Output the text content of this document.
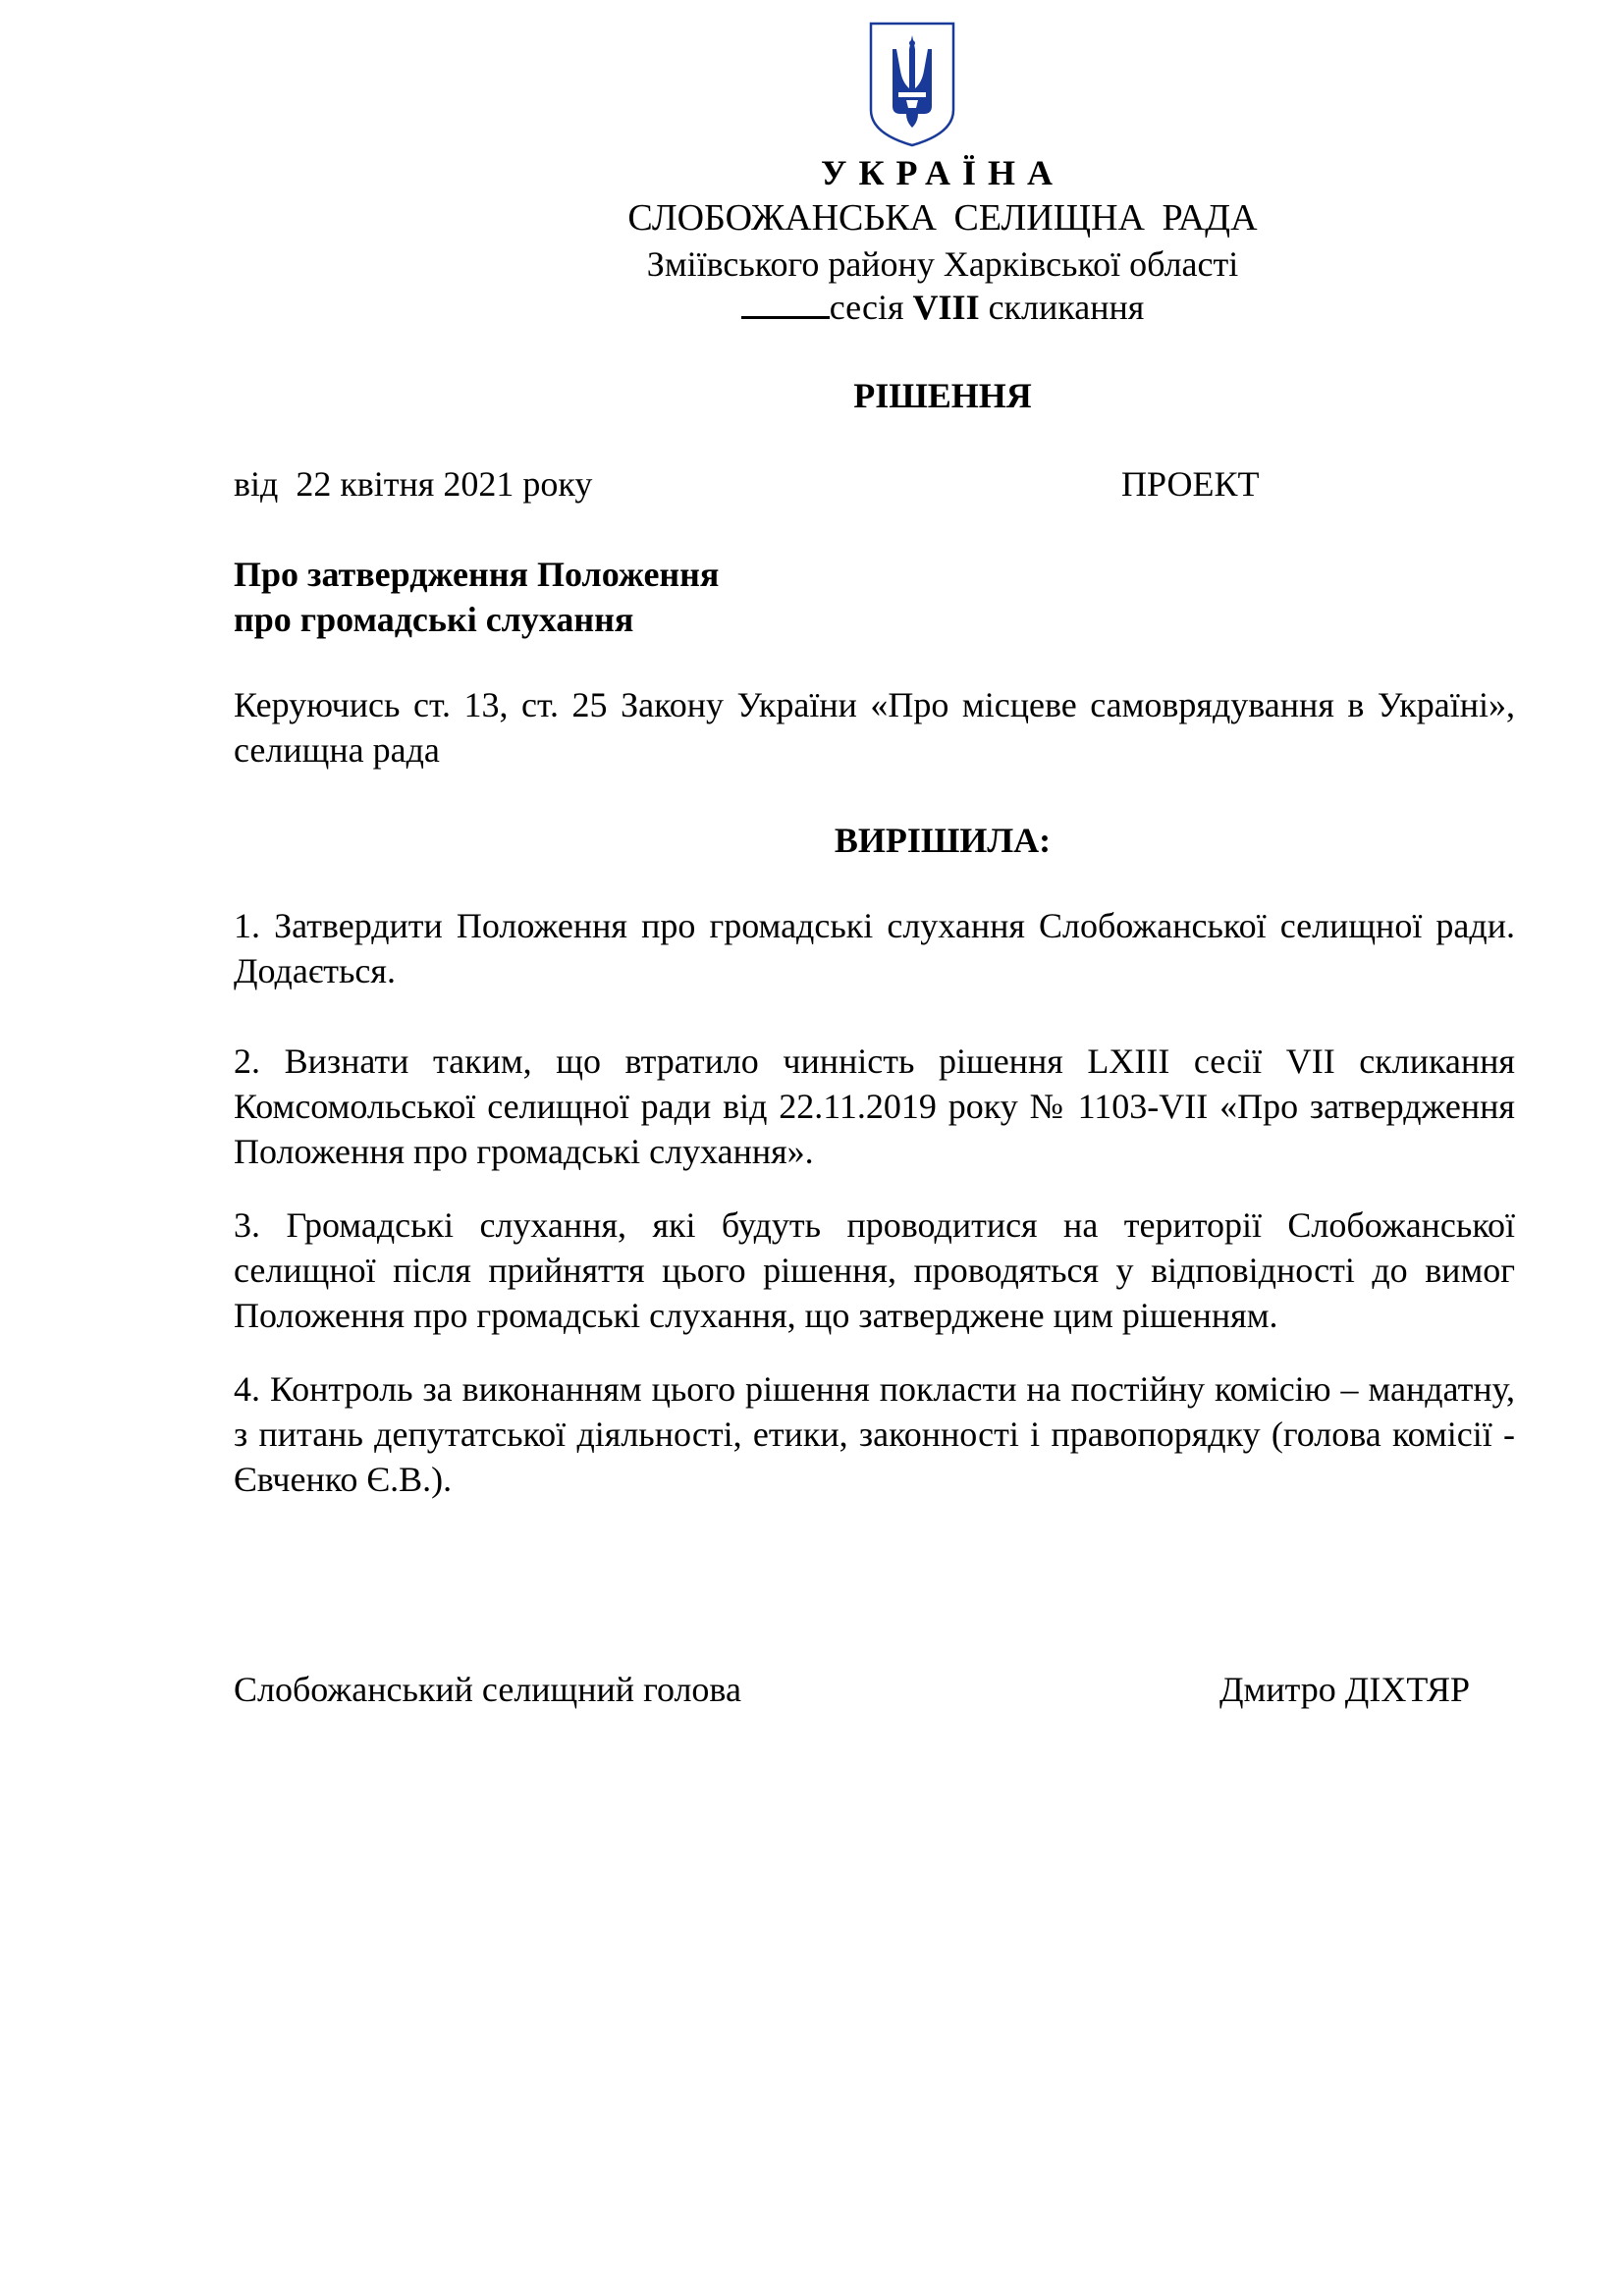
УКРАЇНА
СЛОБОЖАНСЬКА СЕЛИЩНА РАДА
Зміївського району Харківської області
сесія VIII скликання
РІШЕННЯ
від  22 квітня 2021 року	ПРОЕКТ
Про затвердження Положення
про громадські слухання
Керуючись ст. 13, ст. 25 Закону України «Про місцеве самоврядування в Україні», селищна рада
ВИРІШИЛА:
1. Затвердити Положення про громадські слухання Слобожанської селищної ради. Додається.
2. Визнати таким, що втратило чинність рішення LXIII сесії VII скликання Комсомольської селищної ради від 22.11.2019 року № 1103-VII «Про затвердження Положення про громадські слухання».
3. Громадські слухання, які будуть проводитися на території Слобожанської селищної після прийняття цього рішення, проводяться у відповідності до вимог Положення про громадські слухання, що затверджене цим рішенням.
4. Контроль за виконанням цього рішення покласти на постійну комісію – мандатну, з питань депутатської діяльності, етики, законності і правопорядку (голова комісії - Євченко Є.В.).
Слобожанський селищний голова	Дмитро ДІХТЯР
